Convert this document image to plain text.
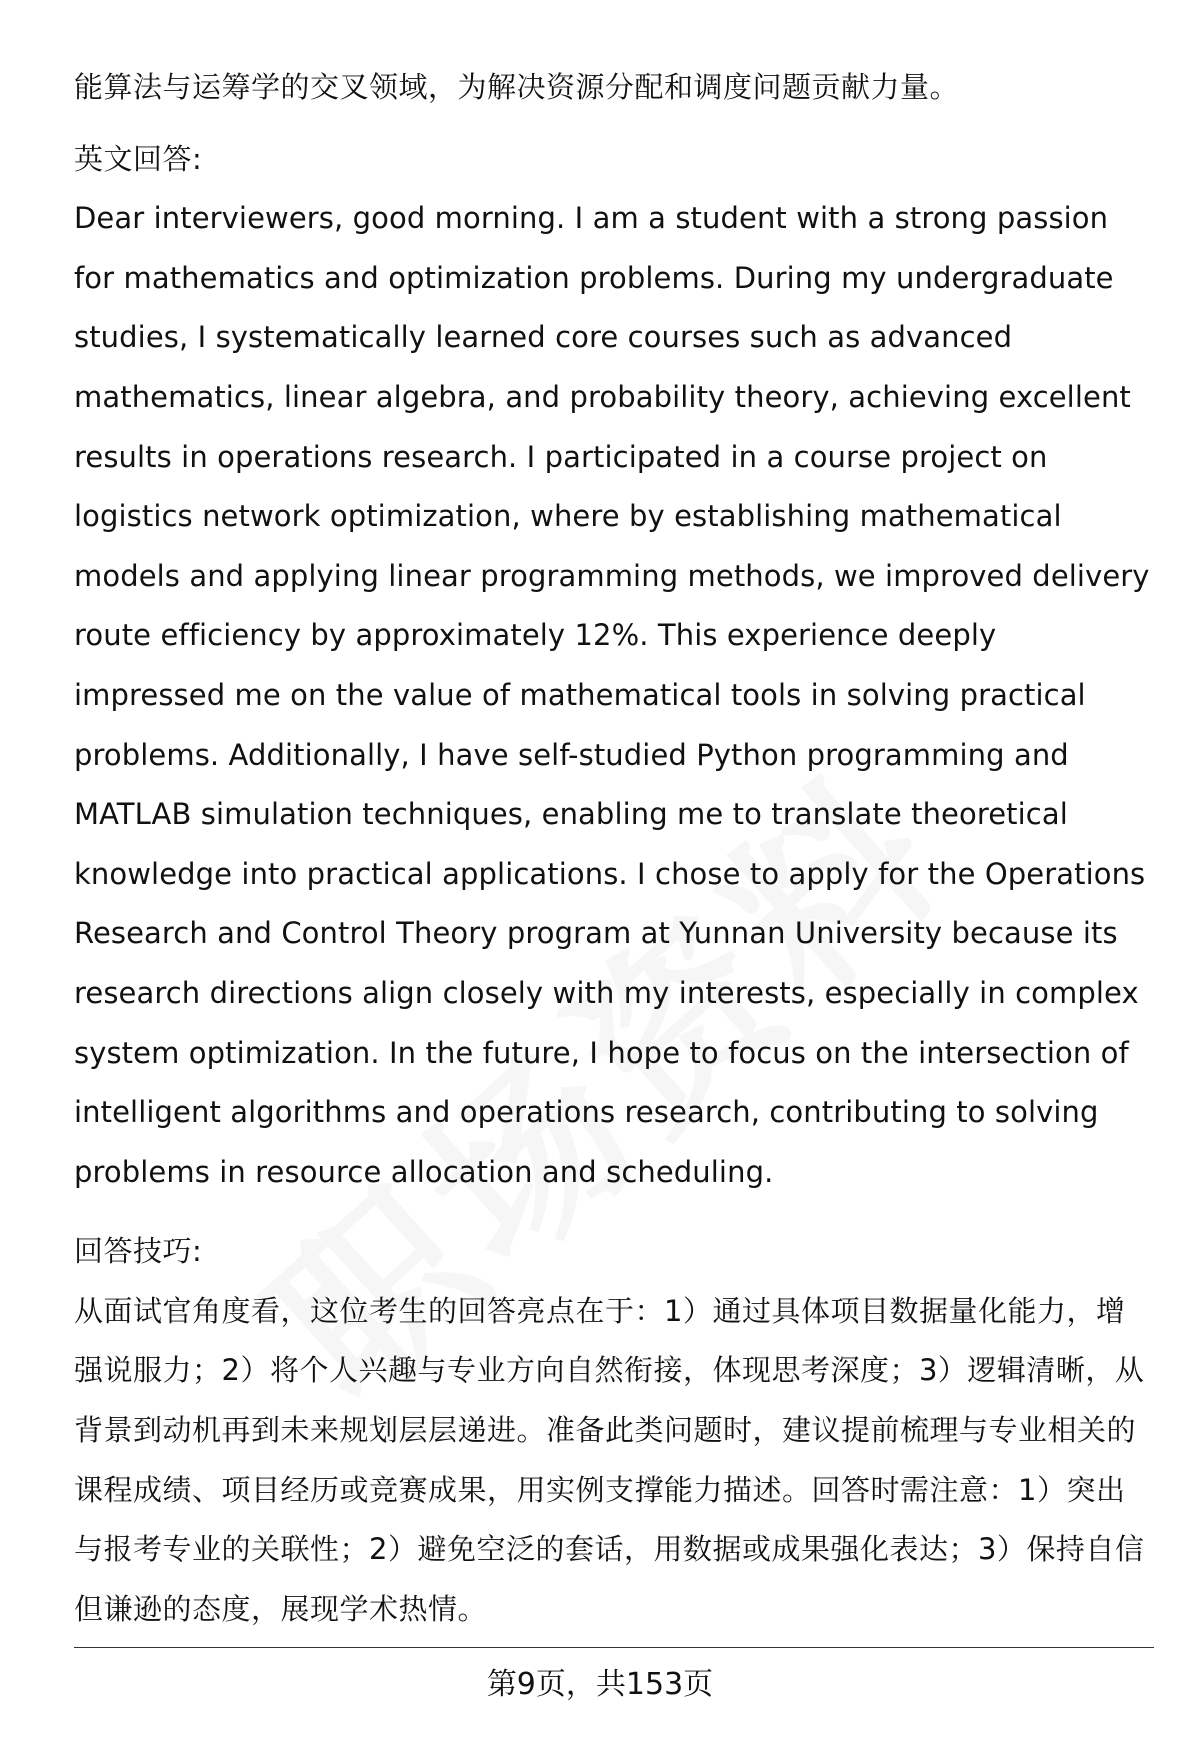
能算法与运筹学的交叉领域，为解决资源分配和调度问题贡献力量。

英文回答:

Dear interviewers, good morning. I am a student with a strong passion for mathematics and optimization problems. During my undergraduate studies, I systematically learned core courses such as advanced mathematics, linear algebra, and probability theory, achieving excellent results in operations research. I participated in a course project on logistics network optimization, where by establishing mathematical models and applying linear programming methods, we improved delivery route efficiency by approximately 12%. This experience deeply impressed me on the value of mathematical tools in solving practical problems. Additionally, I have self-studied Python programming and MATLAB simulation techniques, enabling me to translate theoretical knowledge into practical applications. I chose to apply for the Operations Research and Control Theory program at Yunnan University because its research directions align closely with my interests, especially in complex system optimization. In the future, I hope to focus on the intersection of intelligent algorithms and operations research, contributing to solving problems in resource allocation and scheduling.

回答技巧:

从面试官角度看，这位考生的回答亮点在于：1）通过具体项目数据量化能力，增强说服力；2）将个人兴趣与专业方向自然衔接，体现思考深度；3）逻辑清晰，从背景到动机再到未来规划层层递进。准备此类问题时，建议提前梳理与专业相关的课程成绩、项目经历或竞赛成果，用实例支撑能力描述。回答时需注意：1）突出与报考专业的关联性；2）避免空泛的套话，用数据或成果强化表达；3）保持自信但谦逊的态度，展现学术热情。

第9页，共153页
